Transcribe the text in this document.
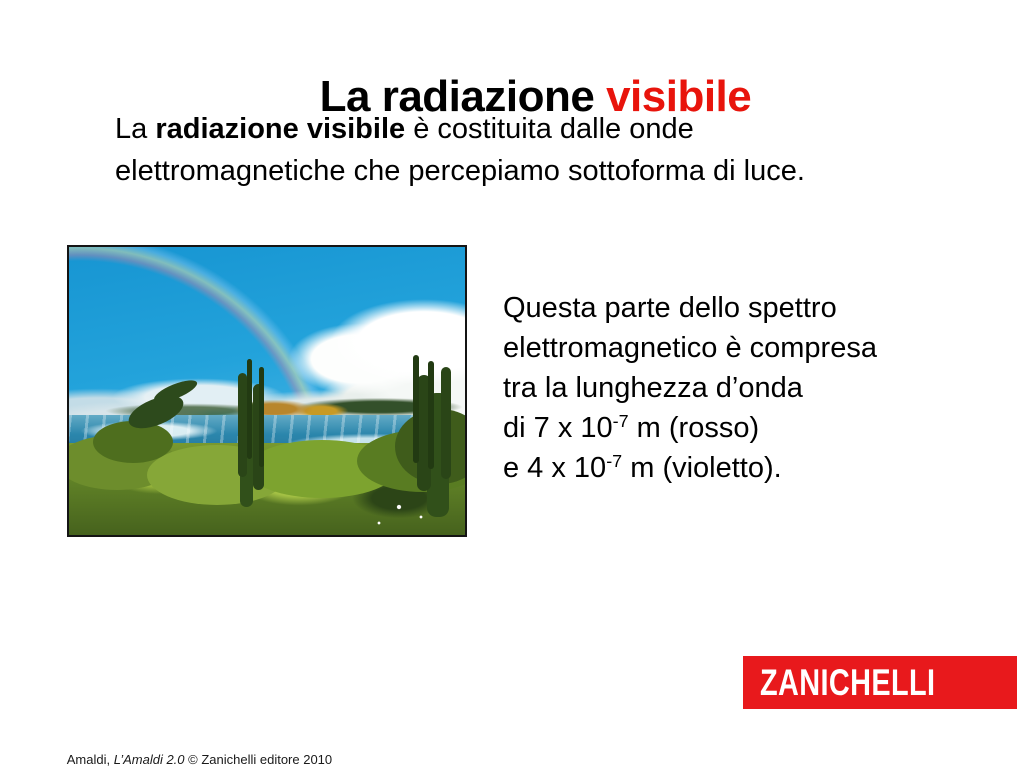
La radiazione visibile

La radiazione visibile è costituita dalle onde
elettromagnetiche che percepiamo sottoforma di luce.
Questa parte dello spettro
elettromagnetico è compresa
tra la lunghezza d’onda
di 7 x $10^{-7}$ m (rosso)
e 4 x $10^{-7}$ m (violetto).
ZANICHELLI

Amaldi, L’Amaldi 2.0 © Zanichelli editore 2010
